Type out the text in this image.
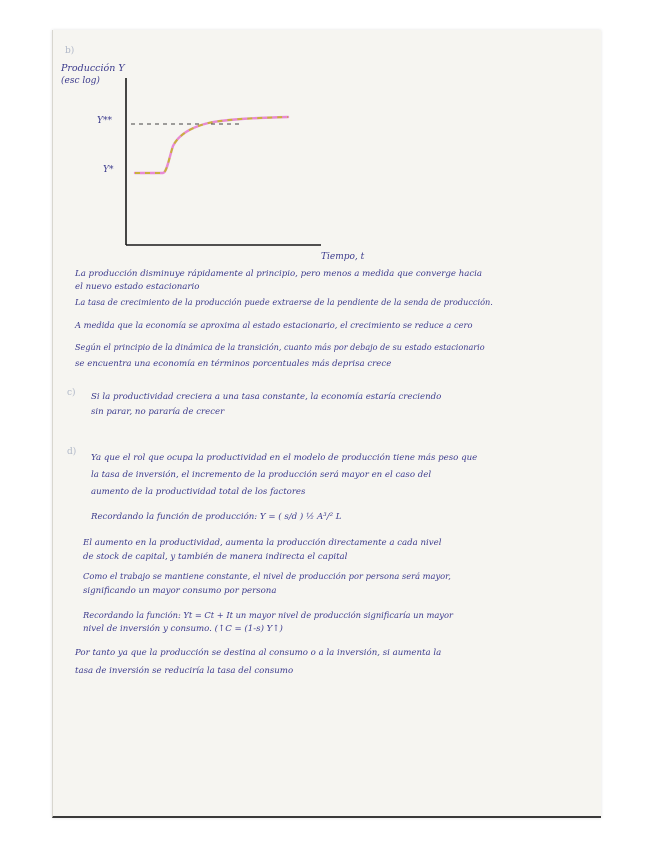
b)
c)
d)
Producción Y
(esc log)
Y**
Y*
Tiempo, t
La producción disminuye rápidamente al principio, pero menos a medida que converge hacia
el nuevo estado estacionario
La tasa de crecimiento de la producción puede extraerse de la pendiente de la senda de producción.
A medida que la economía se aproxima al estado estacionario, el crecimiento se reduce a cero
Según el principio de la dinámica de la transición, cuanto más por debajo de su estado estacionario
se encuentra una economía en términos porcentuales más deprisa crece
Si la productividad creciera a una tasa constante, la economía estaría creciendo
sin parar, no pararía de crecer
Ya que el rol que ocupa la productividad en el modelo de producción tiene más peso que
la tasa de inversión, el incremento de la producción será mayor en el caso del
aumento de la productividad total de los factores
Recordando la función de producción: Y = ( s/d ) ½ A³/² L
El aumento en la productividad, aumenta la producción directamente a cada nivel
de stock de capital, y también de manera indirecta el capital
Como el trabajo se mantiene constante, el nivel de producción por persona será mayor,
significando un mayor consumo por persona
Recordando la función: Yt = Ct + It un mayor nivel de producción significaría un mayor
nivel de inversión y consumo. (↑C = (1-s) Y↑)
Por tanto ya que la producción se destina al consumo o a la inversión, si aumenta la
tasa de inversión se reduciría la tasa del consumo
